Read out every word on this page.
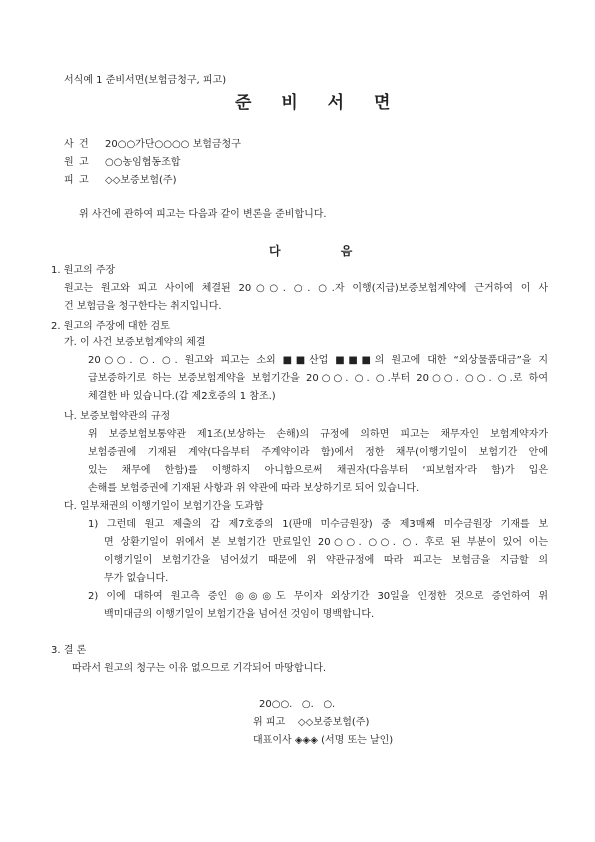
서식예 1 준비서면(보험금청구, 피고)
준 비 서 면
사 건 20○○가단○○○○ 보험금청구
원 고 ○○농임협동조합
피 고 ◇◇보증보험(주)
위 사건에 관하여 피고는 다음과 같이 변론을 준비합니다.
다 음
1. 원고의 주장
원고는 원고와 피고 사이에 체결된 20○○. ○. ○.자 이행(지급)보증보험계약에 근거하여 이 사
건 보험금을 청구한다는 취지입니다.
2. 원고의 주장에 대한 검토
가. 이 사건 보증보험계약의 체결
20○○. ○. ○. 원고와 피고는 소외 ■■산업 ■■■의 원고에 대한 “외상물품대금”을 지
급보증하기로 하는 보증보험계약을 보험기간을 20○○. ○. ○.부터 20○○. ○○. ○.로 하여
체결한 바 있습니다.(갑 제2호증의 1 참조.)
나. 보증보험약관의 규정
위 보증보험보통약관 제1조(보상하는 손해)의 규정에 의하면 피고는 채무자인 보험계약자가
보험증권에 기재된 계약(다음부터 주계약이라 함)에서 정한 채무(이행기일이 보험기간 안에
있는 채무에 한함)를 이행하지 아니함으로써 채권자(다음부터 ‘피보험자’라 함)가 입은
손해를 보험증권에 기재된 사항과 위 약관에 따라 보상하기로 되어 있습니다.
다. 일부채권의 이행기일이 보험기간을 도과함
1) 그런데 원고 제출의 갑 제7호증의 1(판매 미수금원장) 중 제3매째 미수금원장 기재를 보
면 상환기일이 위에서 본 보험기간 만료일인 20○○. ○○. ○. 후로 된 부분이 있어 이는
이행기일이 보험기간을 넘어섰기 때문에 위 약관규정에 따라 피고는 보험금을 지급할 의
무가 없습니다.
2) 이에 대하여 원고측 증인 ◎◎◎도 무이자 외상기간 30일을 인정한 것으로 증언하여 위
백미대금의 이행기일이 보험기간을 넘어선 것임이 명백합니다.
3. 결 론
따라서 원고의 청구는 이유 없으므로 기각되어 마땅합니다.
20○○.   ○.   ○.
위 피고    ◇◇보증보험(주)
대표이사 ◈◈◈ (서명 또는 날인)
